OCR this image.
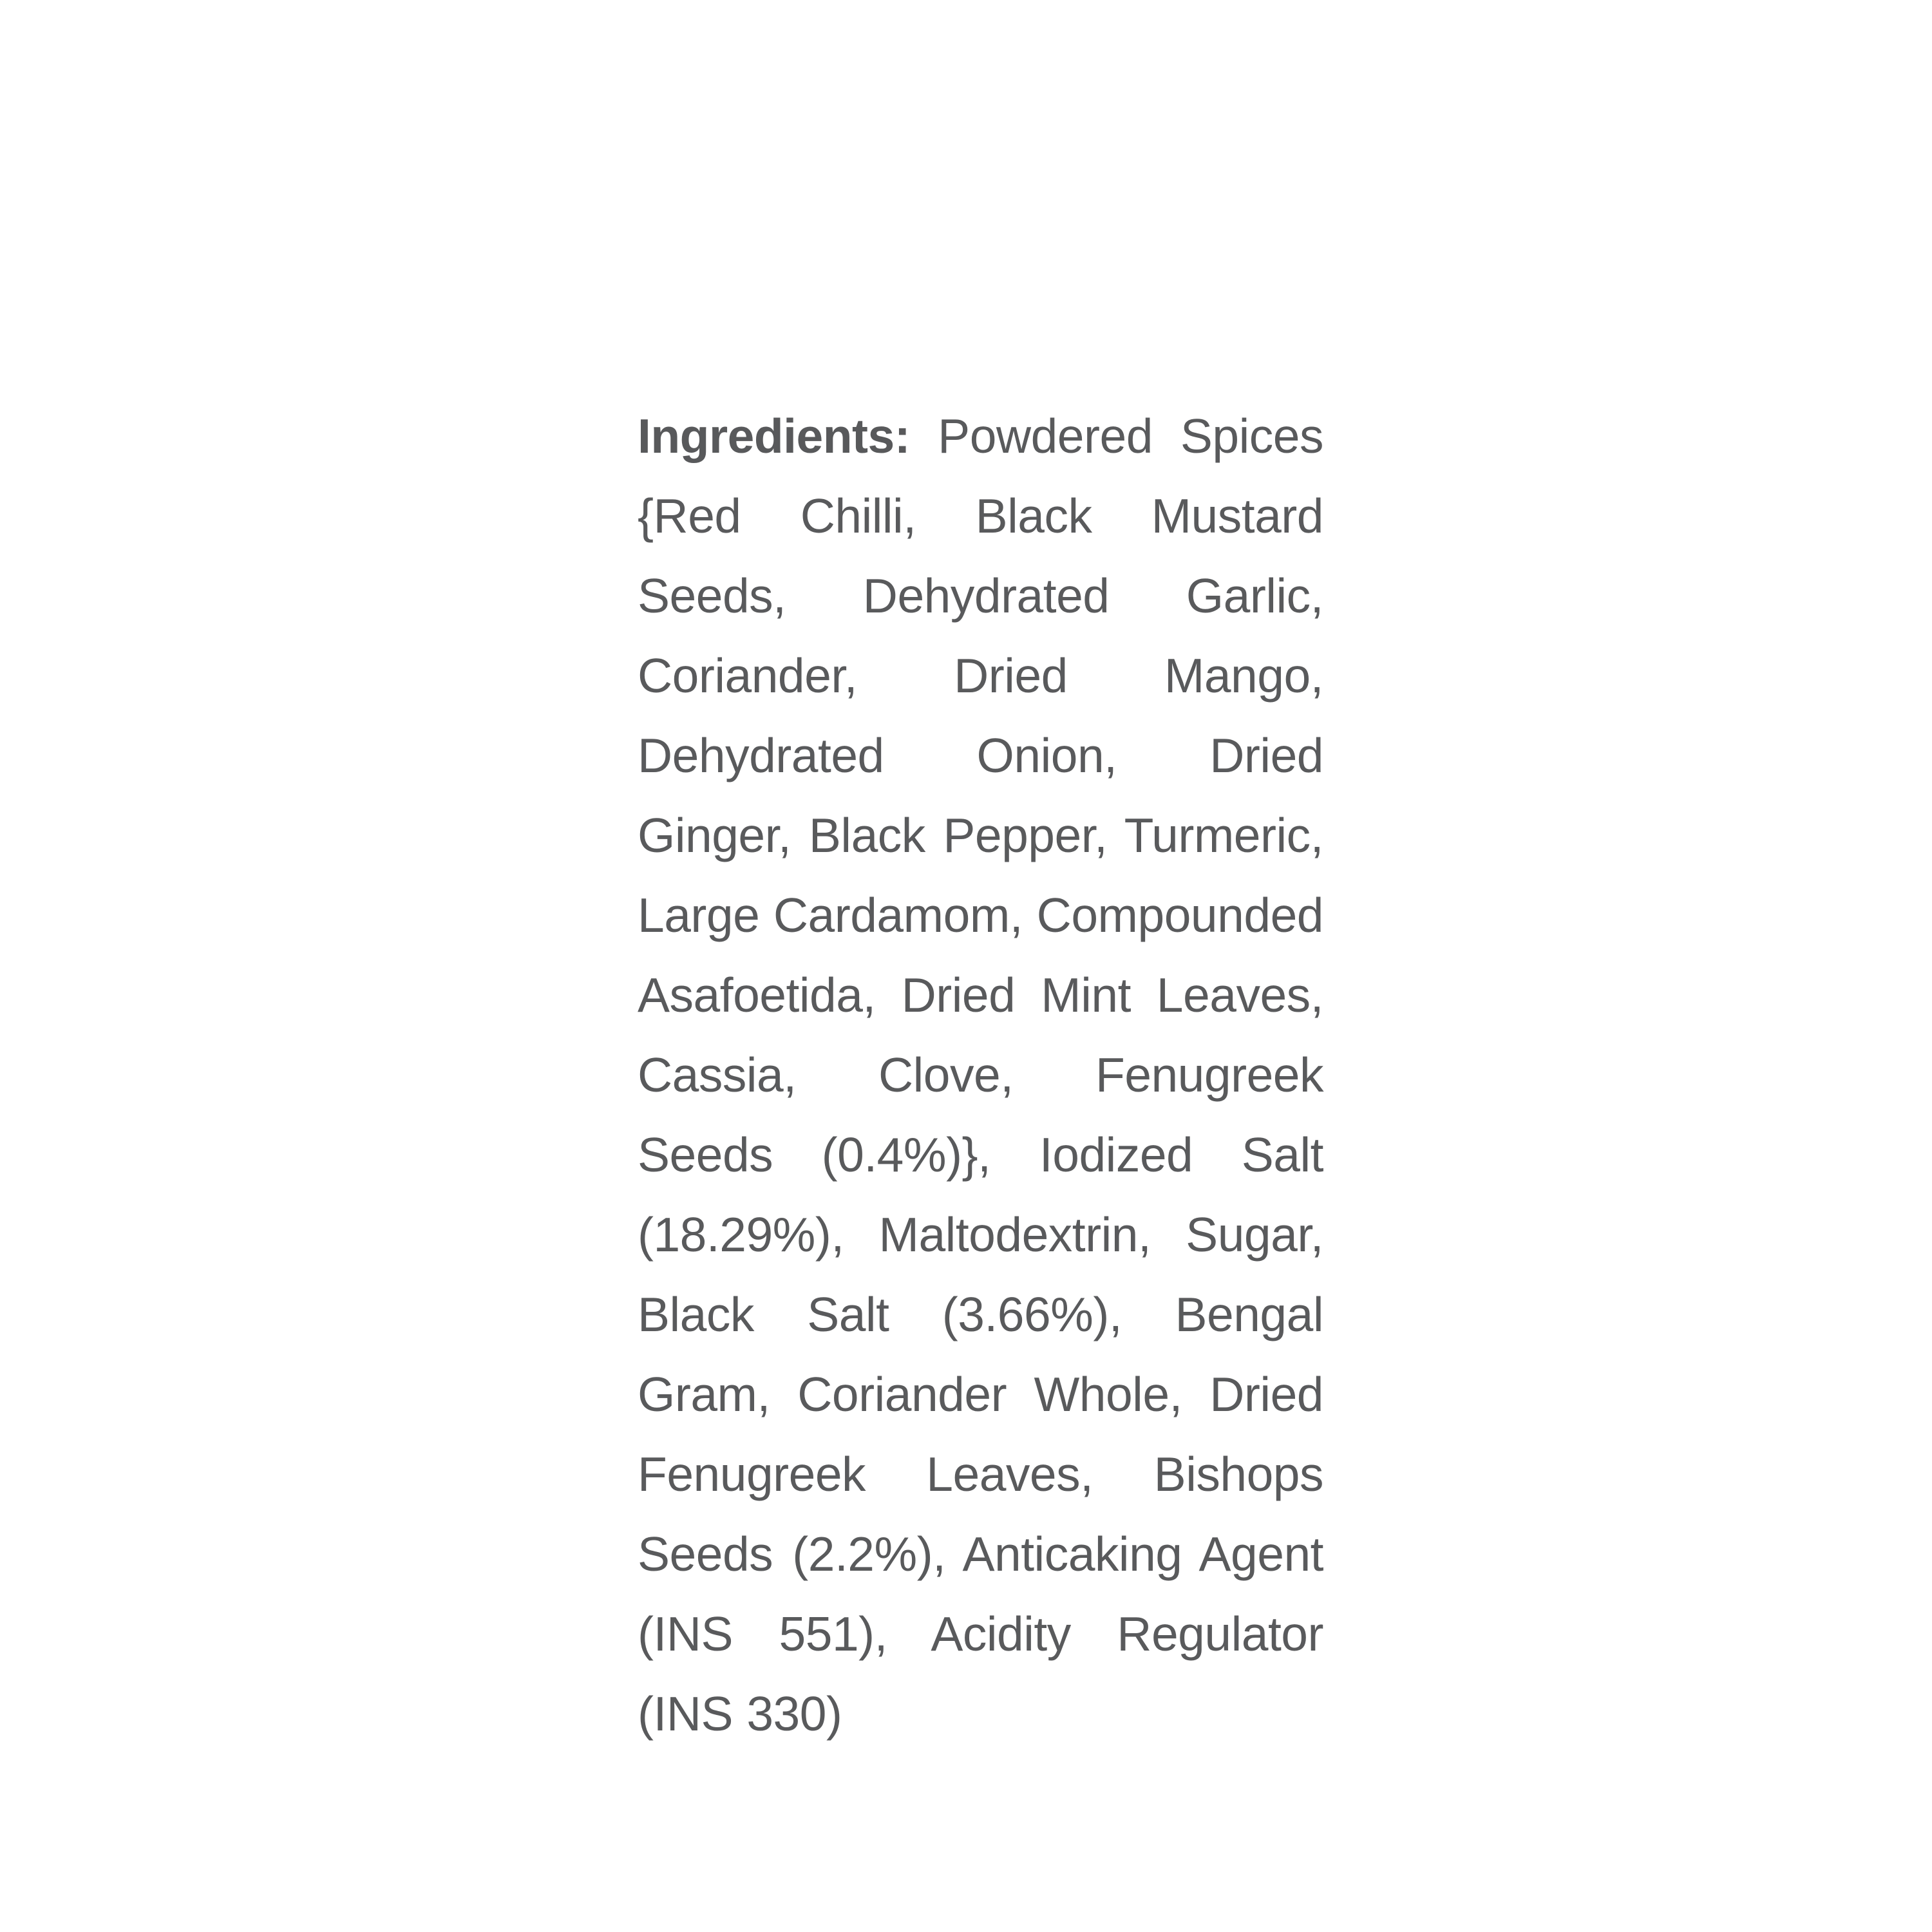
Ingredients: Powdered Spices {Red Chilli, Black Mustard Seeds, Dehydrated Garlic, Coriander, Dried Mango, Dehydrated Onion, Dried Ginger, Black Pepper, Turmeric, Large Cardamom, Compounded Asafoetida, Dried Mint Leaves, Cassia, Clove, Fenugreek Seeds (0.4%)}, Iodized Salt (18.29%), Maltodextrin, Sugar, Black Salt (3.66%), Bengal Gram, Coriander Whole, Dried Fenugreek Leaves, Bishops Seeds (2.2%), Anticaking Agent (INS 551), Acidity Regulator (INS 330)
